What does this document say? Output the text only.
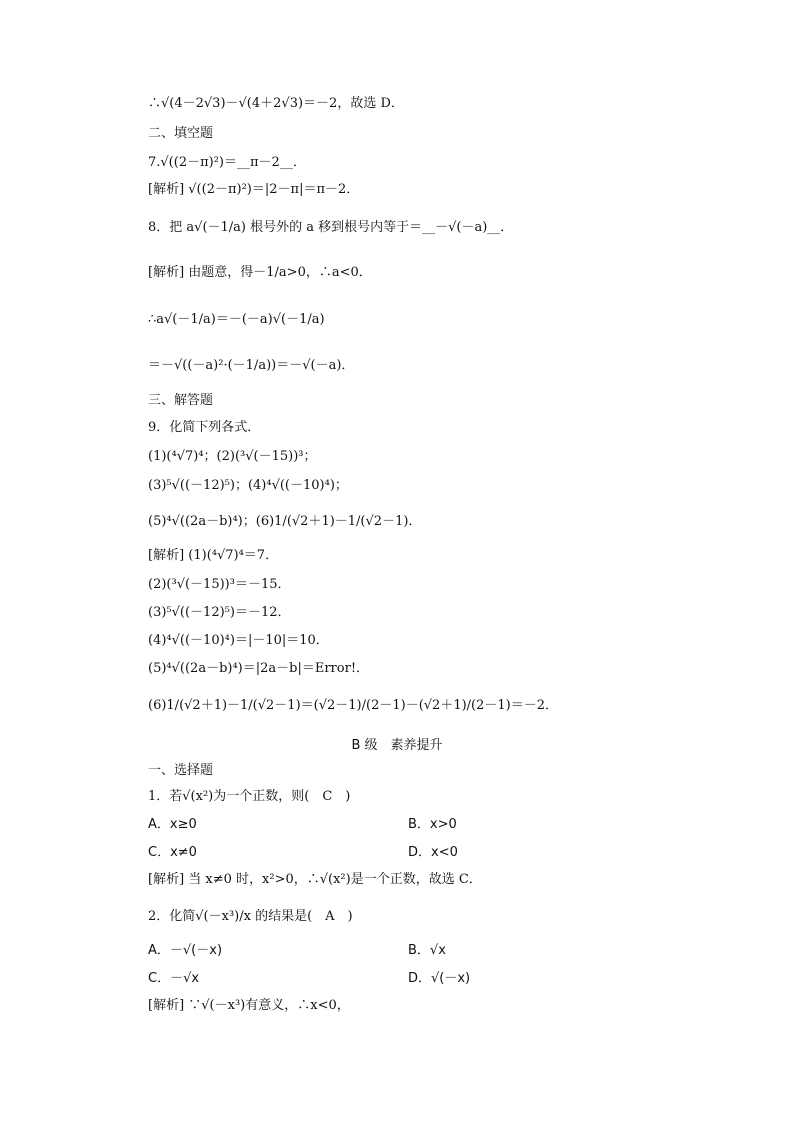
∴√(4－2√3)－√(4＋2√3)＝－2，故选 D．
二、填空题
7.√((2－π)²)＝__π－2__．
[解析] √((2－π)²)＝|2－π|＝π－2．
8．把 a√(－1/a) 根号外的 a 移到根号内等于＝__－√(－a)__．
[解析] 由题意，得－1/a>0，∴a<0．
∴a√(－1/a)＝－(－a)√(－1/a)
＝－√((－a)²·(－1/a))＝－√(－a)．
三、解答题
9．化简下列各式．
(1)(⁴√7)⁴；(2)(³√(－15))³；
(3)⁵√((－12)⁵)；(4)⁴√((－10)⁴)；
(5)⁴√((2a－b)⁴)；(6)1/(√2＋1)－1/(√2－1)．
[解析] (1)(⁴√7)⁴＝7．
(2)(³√(－15))³＝－15．
(3)⁵√((－12)⁵)＝－12．
(4)⁴√((－10)⁴)＝|－10|＝10．
(5)⁴√((2a－b)⁴)＝|2a－b|＝Error!．
(6)1/(√2＋1)－1/(√2－1)＝(√2－1)/(2－1)－(√2＋1)/(2－1)＝－2．
B 级　素养提升
一、选择题
1．若√(x²)为一个正数，则(　C　)
A．x≥0	B．x>0
C．x≠0	D．x<0
[解析] 当 x≠0 时，x²>0，∴√(x²)是一个正数，故选 C．
2．化简√(－x³)/x 的结果是(　A　)
A．－√(－x)	B．√x
C．－√x	D．√(－x)
[解析] ∵√(－x³)有意义，∴x<0，
